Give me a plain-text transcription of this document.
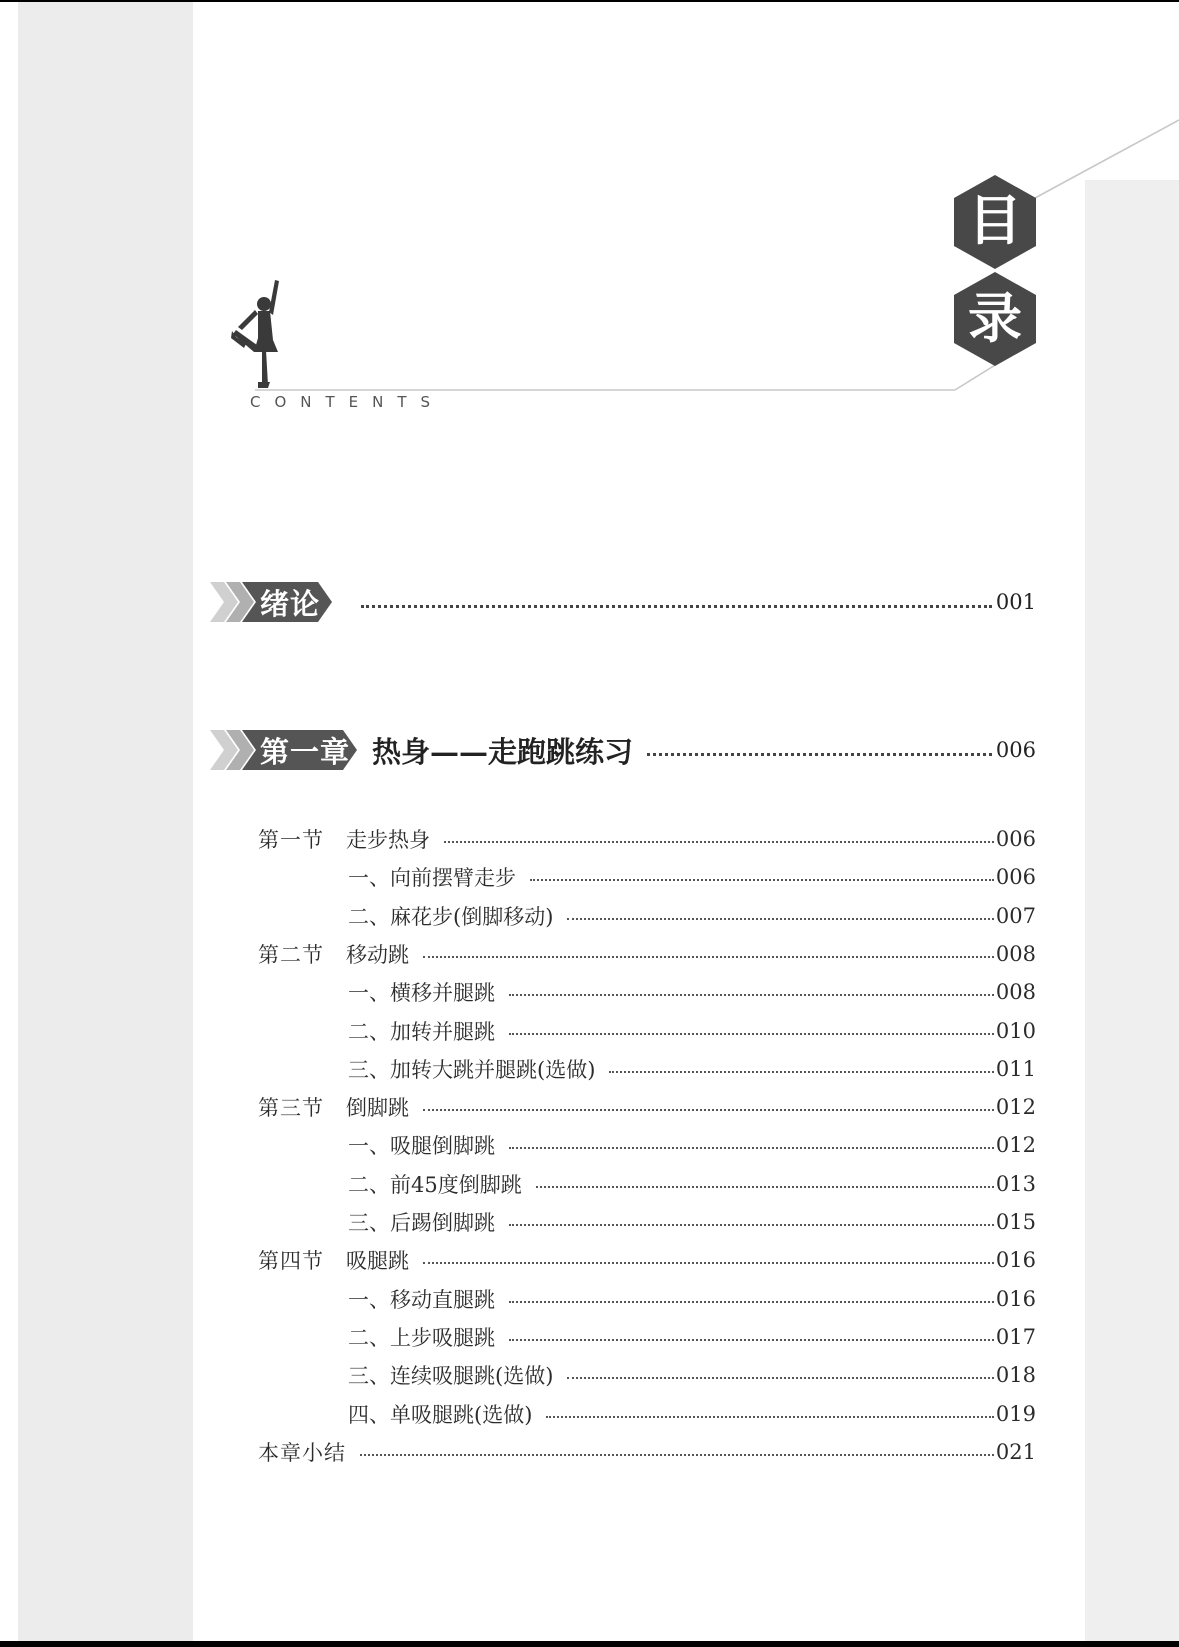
CONTENTS
目
录
绪论	001
第一章 热身——走跑跳练习	006
第一节 走步热身	006
一、向前摆臂走步	006
二、麻花步(倒脚移动)	007
第二节 移动跳	008
一、横移并腿跳	008
二、加转并腿跳	010
三、加转大跳并腿跳(选做)	011
第三节 倒脚跳	012
一、吸腿倒脚跳	012
二、前45度倒脚跳	013
三、后踢倒脚跳	015
第四节 吸腿跳	016
一、移动直腿跳	016
二、上步吸腿跳	017
三、连续吸腿跳(选做)	018
四、单吸腿跳(选做)	019
本章小结	021
